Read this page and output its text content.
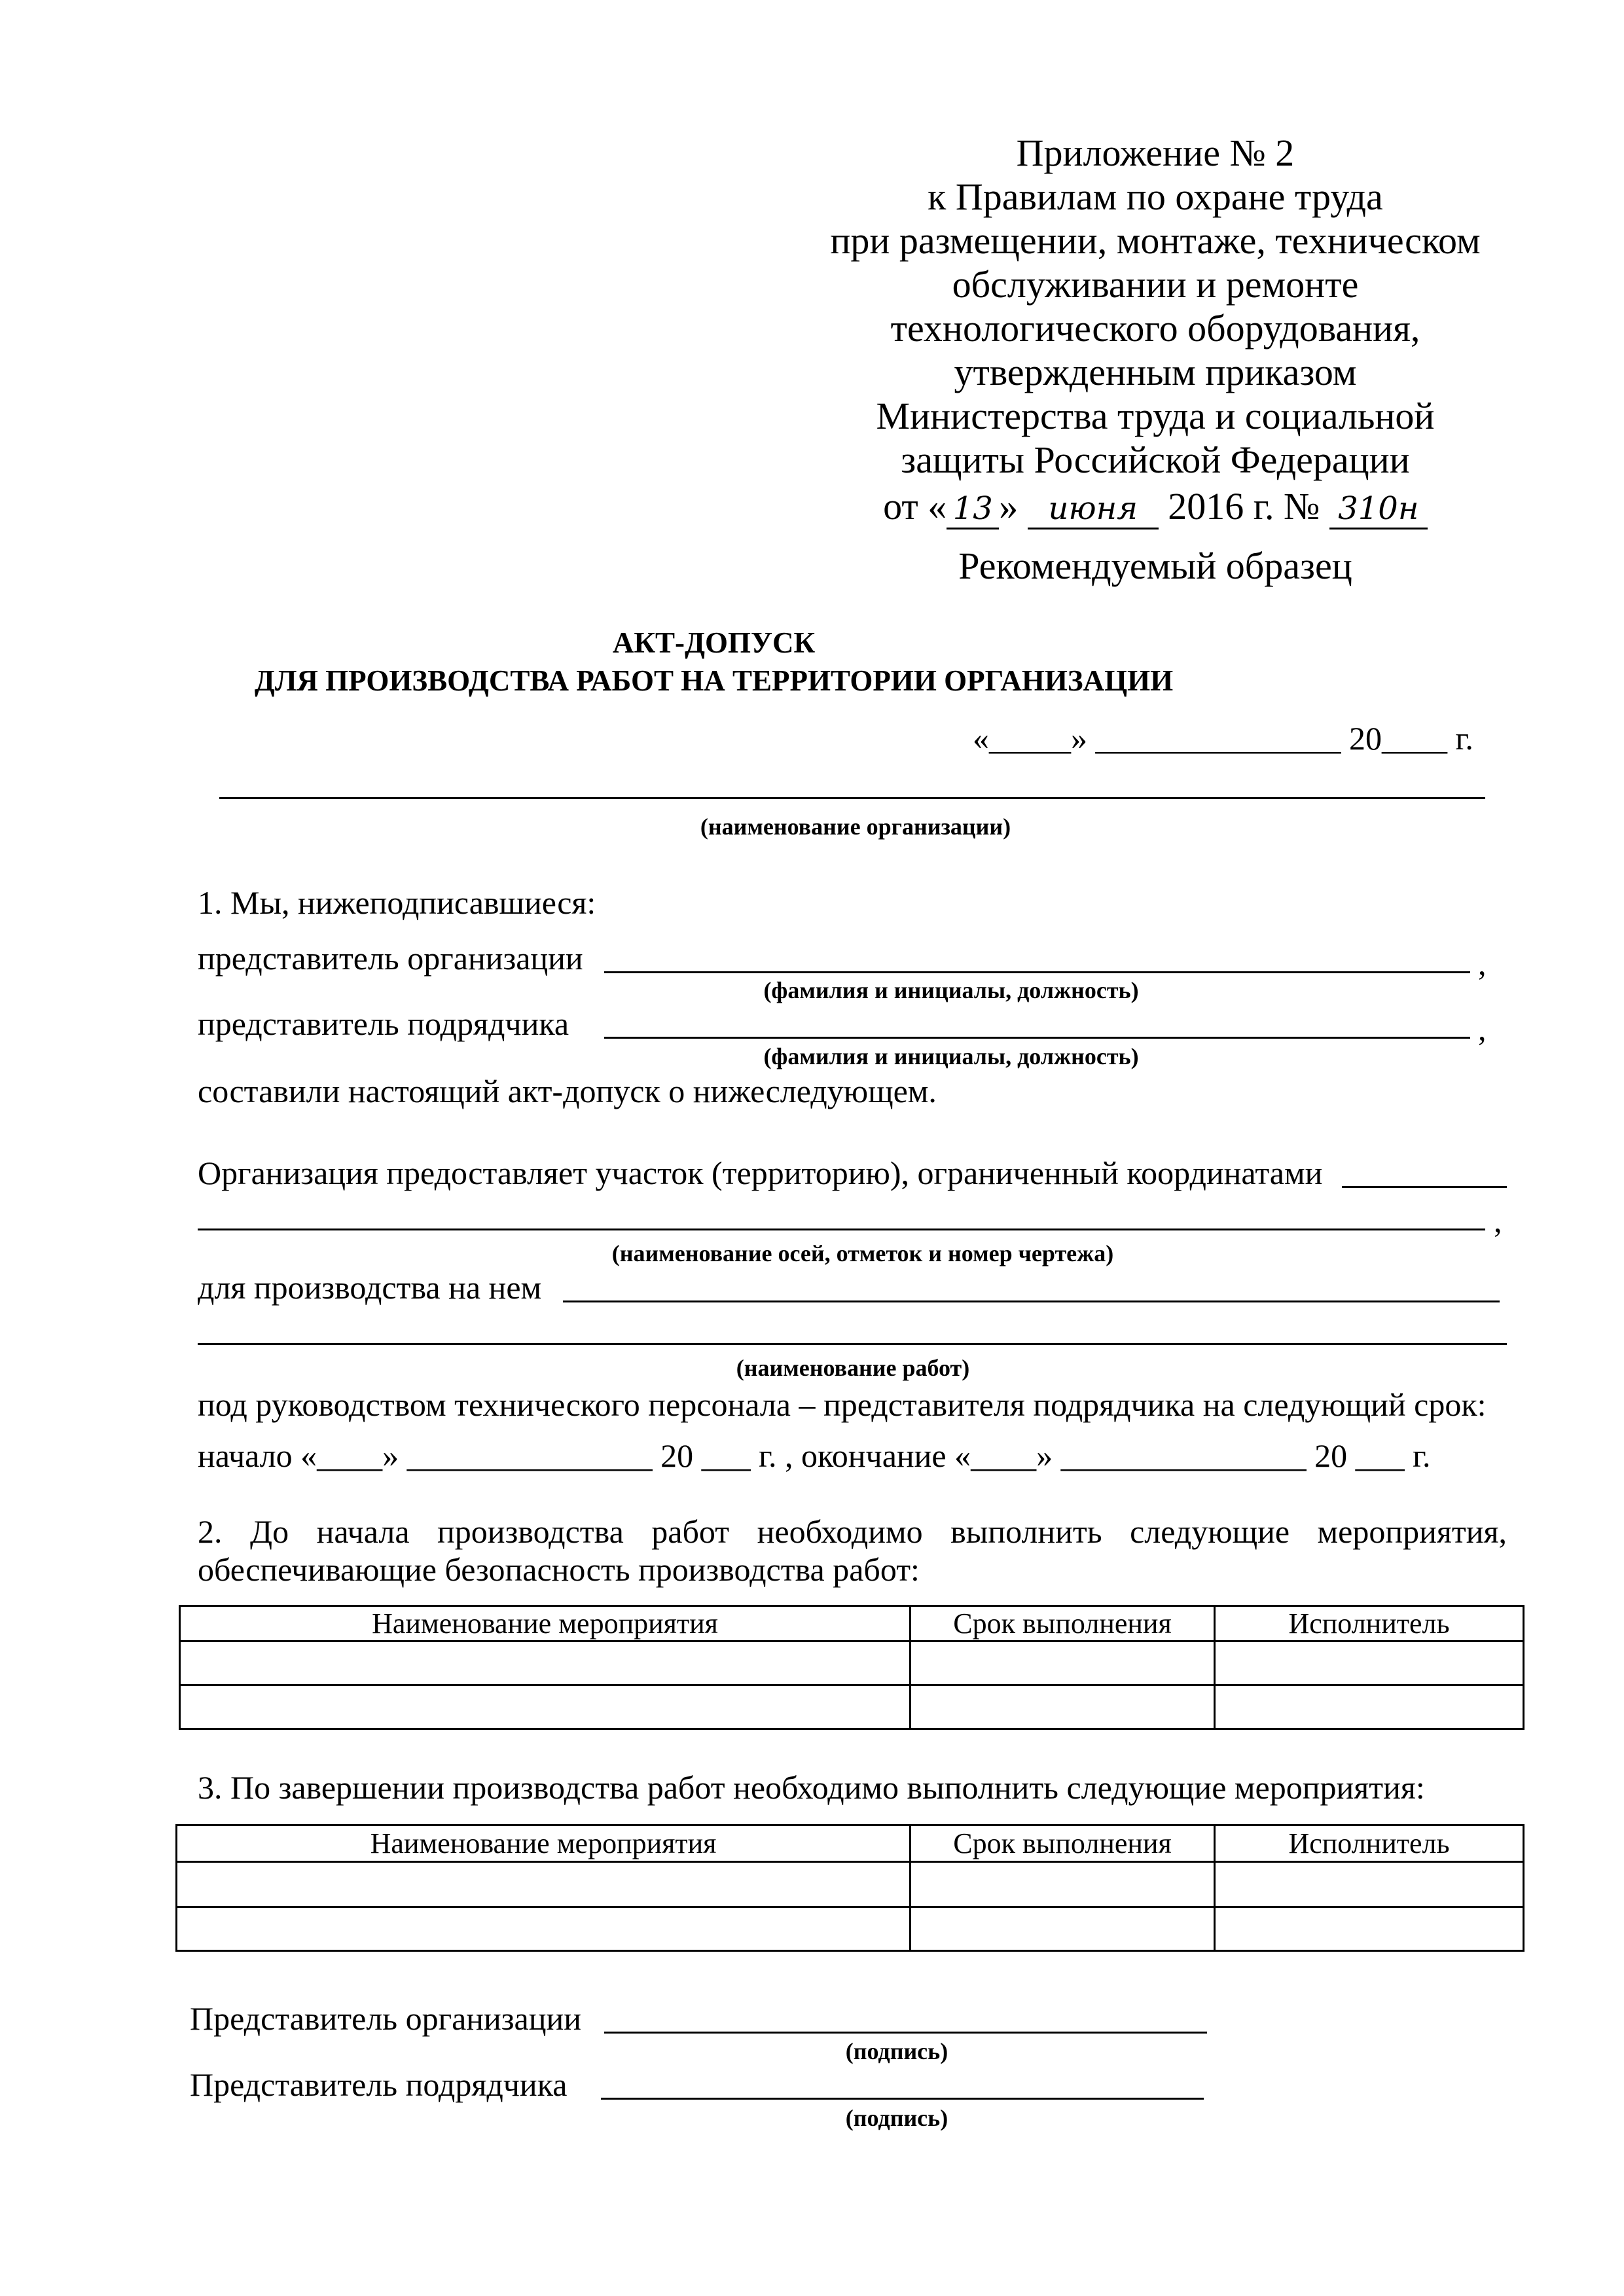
Приложение № 2
к Правилам по охране труда
при размещении, монтаже, техническом
обслуживании и ремонте
технологического оборудования,
утвержденным приказом
Министерства труда и социальной
защиты Российской Федерации
от « 13 » июня 2016 г. № 310н
Рекомендуемый образец
АКТ-ДОПУСК
ДЛЯ ПРОИЗВОДСТВА РАБОТ НА ТЕРРИТОРИИ ОРГАНИЗАЦИИ
«_____» _______________ 20____ г.
(наименование организации)
1. Мы, нижеподписавшиеся:
представитель организации	,
(фамилия и инициалы, должность)
представитель подрядчика	,
(фамилия и инициалы, должность)
составили настоящий акт-допуск о нижеследующем.
Организация предоставляет участок (территорию), ограниченный координатами
,
(наименование осей, отметок и номер чертежа)
для производства на нем
(наименование работ)
под руководством технического персонала – представителя подрядчика на следующий срок:
начало «____» _______________ 20 ___ г. , окончание «____» _______________ 20 ___ г.
2. До начала производства работ необходимо выполнить следующие мероприятия,
обеспечивающие безопасность производства работ:
Наименование мероприятия	Срок выполнения	Исполнитель

3. По завершении производства работ необходимо выполнить следующие мероприятия:
Наименование мероприятия	Срок выполнения	Исполнитель

Представитель организации
(подпись)
Представитель подрядчика
(подпись)
